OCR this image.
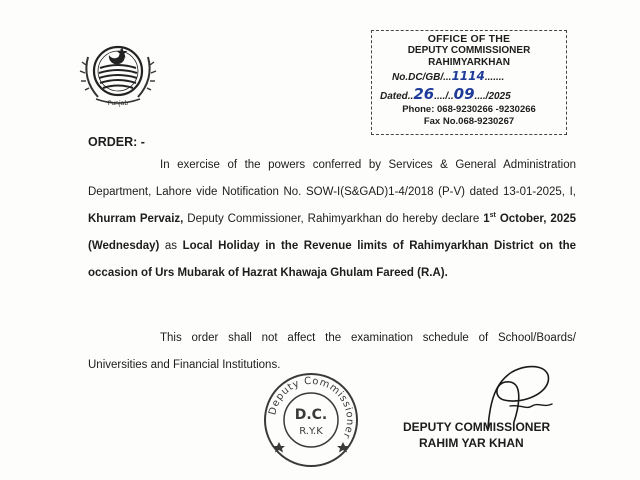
Punjab
OFFICE OF THE
DEPUTY COMMISSIONER
RAHIMYARKHAN
No.DC/GB/...1114.......
Dated..26..../..09..../2025
Phone: 068-9230266 -9230266
Fax No.068-9230267
ORDER: -
In exercise of the powers conferred by Services & General Administration Department, Lahore vide Notification No. SOW-I(S&GAD)1-4/2018 (P-V) dated 13-01-2025, I, Khurram Pervaiz, Deputy Commissioner, Rahimyarkhan do hereby declare 1st October, 2025 (Wednesday) as Local Holiday in the Revenue limits of Rahimyarkhan District on the occasion of Urs Mubarak of Hazrat Khawaja Ghulam Fareed (R.A).
This order shall not affect the examination schedule of School/Boards/ Universities and Financial Institutions.
Deputy Commissioner
D.C.
R.Y.K	DEPUTY COMMISSIONER
RAHIM YAR KHAN
